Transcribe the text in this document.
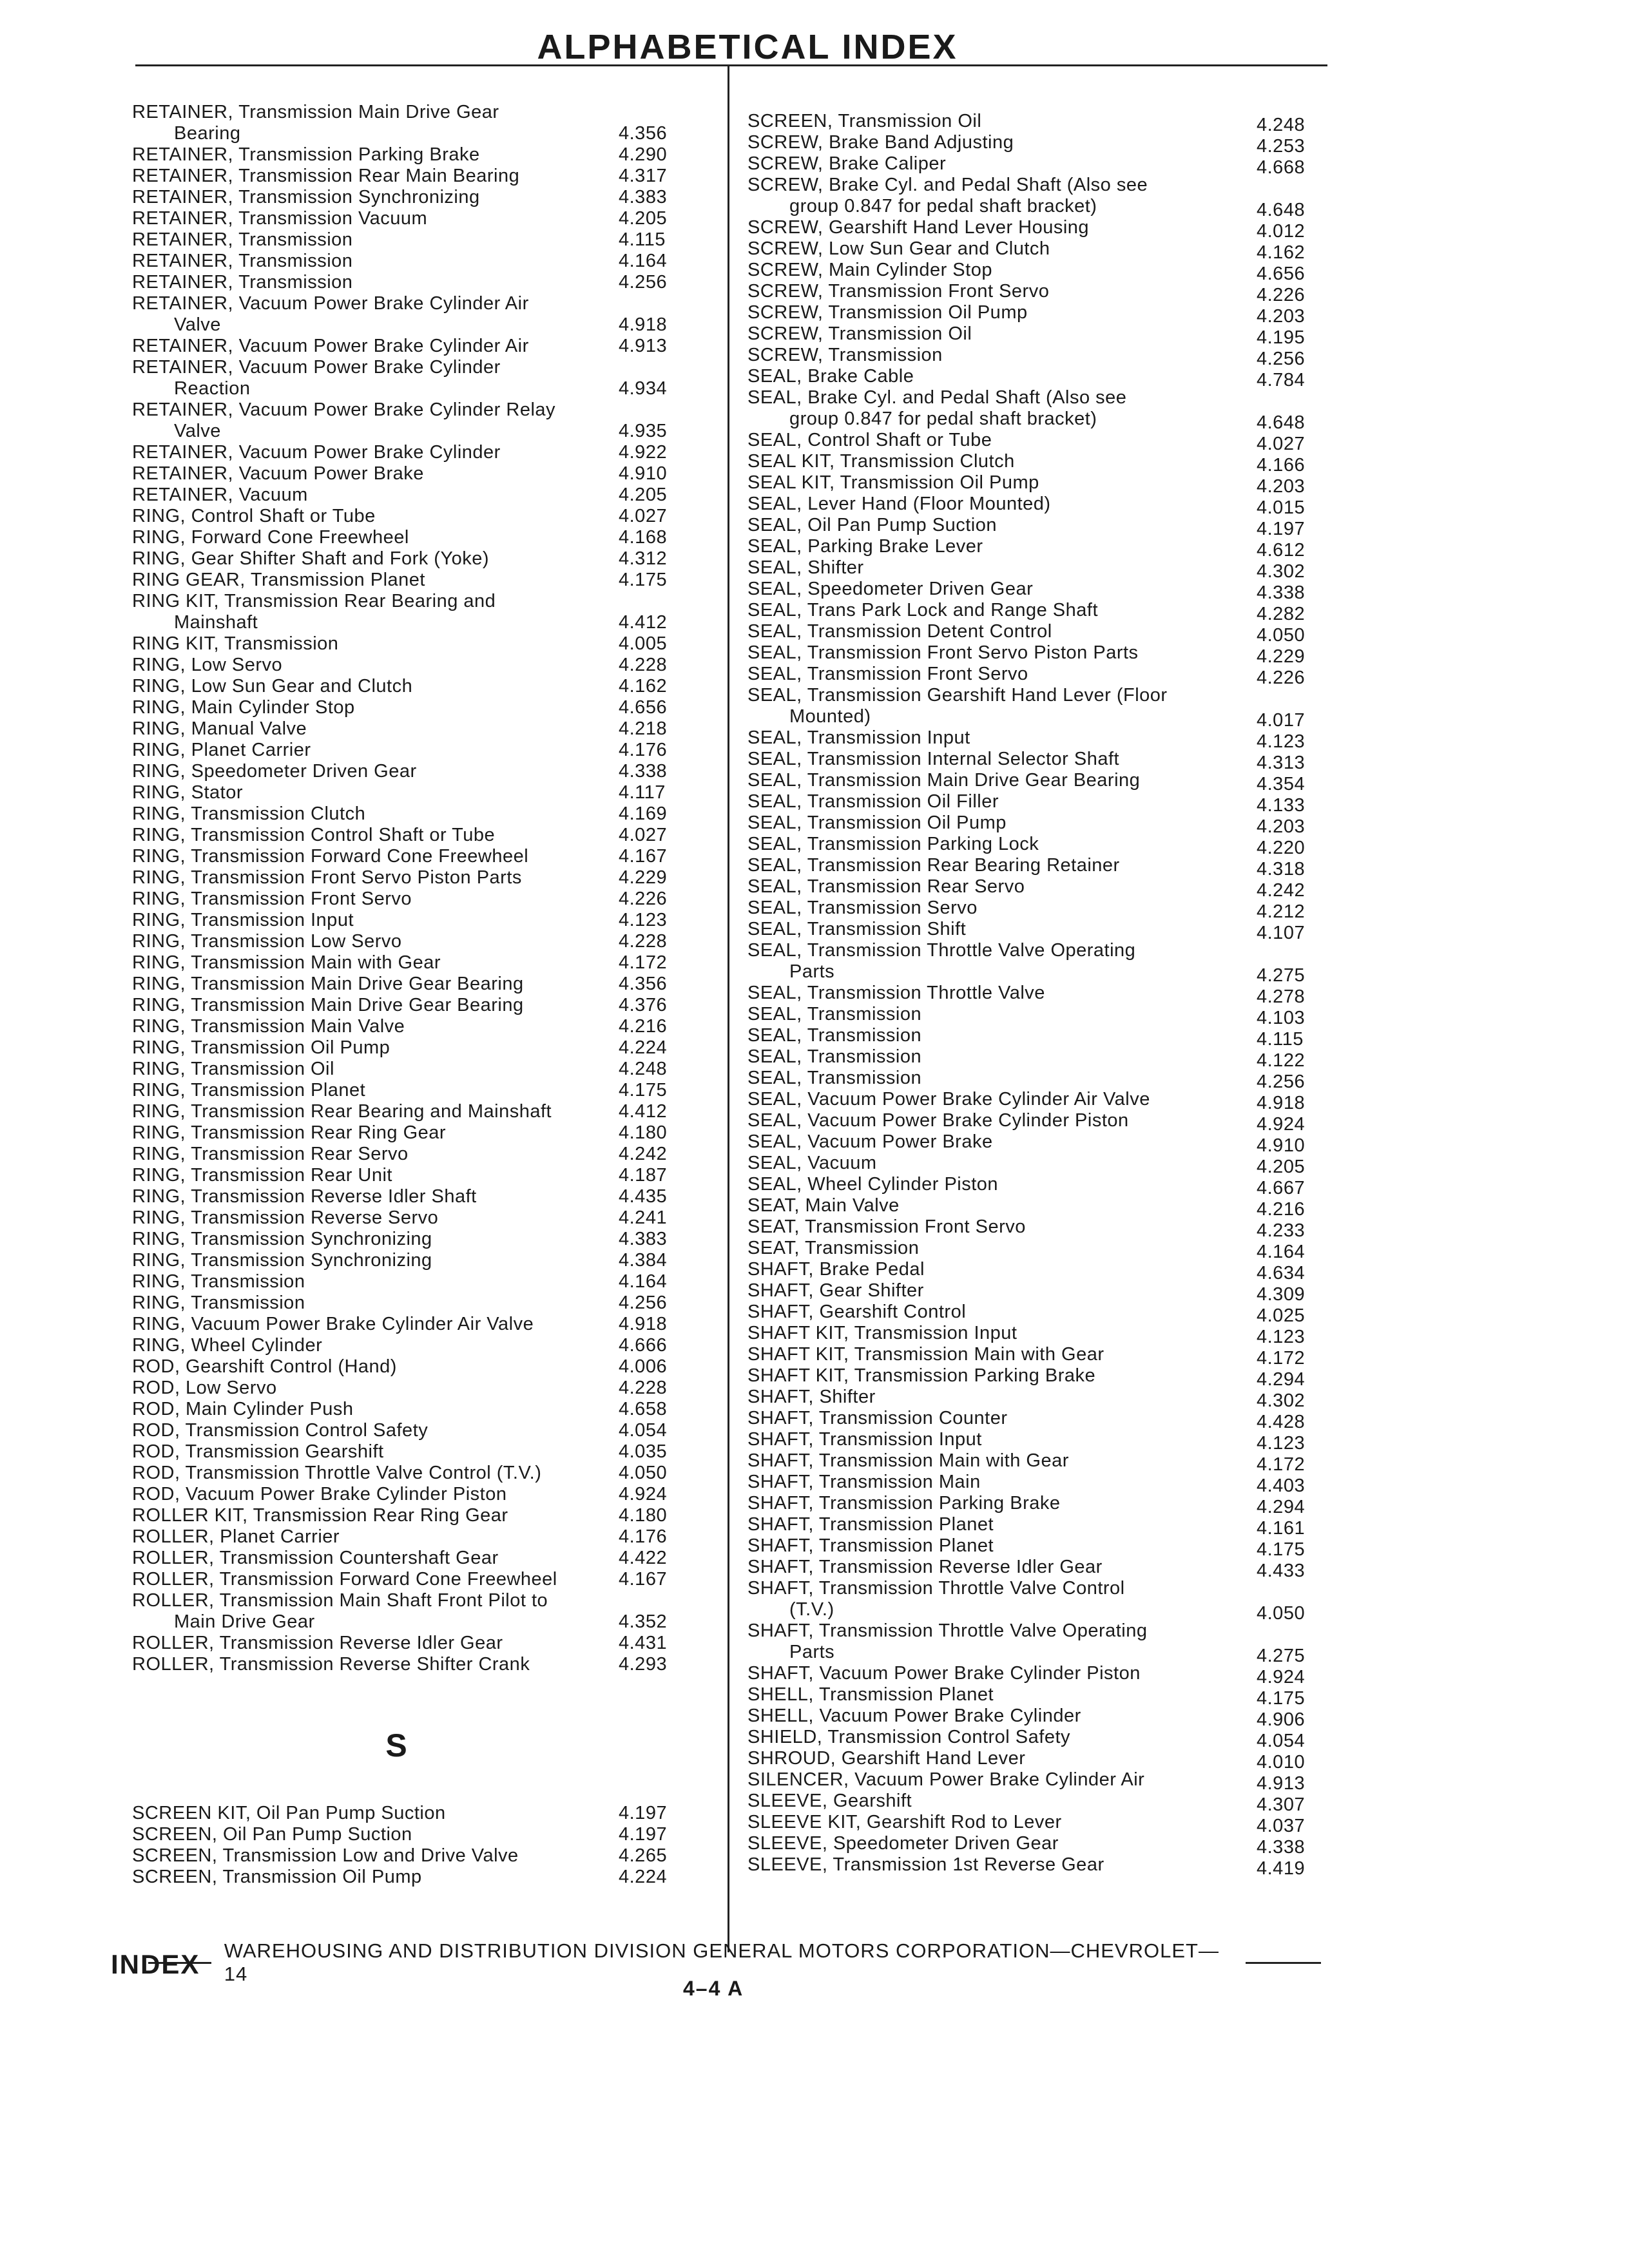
ALPHABETICAL INDEX
RETAINER, Transmission Main Drive Gear
Bearing	4.356
RETAINER, Transmission Parking Brake	4.290
RETAINER, Transmission Rear Main Bearing	4.317
RETAINER, Transmission Synchronizing	4.383
RETAINER, Transmission Vacuum	4.205
RETAINER, Transmission	4.115
RETAINER, Transmission	4.164
RETAINER, Transmission	4.256
RETAINER, Vacuum Power Brake Cylinder Air
Valve	4.918
RETAINER, Vacuum Power Brake Cylinder Air	4.913
RETAINER, Vacuum Power Brake Cylinder
Reaction	4.934
RETAINER, Vacuum Power Brake Cylinder Relay
Valve	4.935
RETAINER, Vacuum Power Brake Cylinder	4.922
RETAINER, Vacuum Power Brake	4.910
RETAINER, Vacuum	4.205
RING, Control Shaft or Tube	4.027
RING, Forward Cone Freewheel	4.168
RING, Gear Shifter Shaft and Fork (Yoke)	4.312
RING GEAR, Transmission Planet	4.175
RING KIT, Transmission Rear Bearing and
Mainshaft	4.412
RING KIT, Transmission	4.005
RING, Low Servo	4.228
RING, Low Sun Gear and Clutch	4.162
RING, Main Cylinder Stop	4.656
RING, Manual Valve	4.218
RING, Planet Carrier	4.176
RING, Speedometer Driven Gear	4.338
RING, Stator	4.117
RING, Transmission Clutch	4.169
RING, Transmission Control Shaft or Tube	4.027
RING, Transmission Forward Cone Freewheel	4.167
RING, Transmission Front Servo Piston Parts	4.229
RING, Transmission Front Servo	4.226
RING, Transmission Input	4.123
RING, Transmission Low Servo	4.228
RING, Transmission Main with Gear	4.172
RING, Transmission Main Drive Gear Bearing	4.356
RING, Transmission Main Drive Gear Bearing	4.376
RING, Transmission Main Valve	4.216
RING, Transmission Oil Pump	4.224
RING, Transmission Oil	4.248
RING, Transmission Planet	4.175
RING, Transmission Rear Bearing and Mainshaft	4.412
RING, Transmission Rear Ring Gear	4.180
RING, Transmission Rear Servo	4.242
RING, Transmission Rear Unit	4.187
RING, Transmission Reverse Idler Shaft	4.435
RING, Transmission Reverse Servo	4.241
RING, Transmission Synchronizing	4.383
RING, Transmission Synchronizing	4.384
RING, Transmission	4.164
RING, Transmission	4.256
RING, Vacuum Power Brake Cylinder Air Valve	4.918
RING, Wheel Cylinder	4.666
ROD, Gearshift Control (Hand)	4.006
ROD, Low Servo	4.228
ROD, Main Cylinder Push	4.658
ROD, Transmission Control Safety	4.054
ROD, Transmission Gearshift	4.035
ROD, Transmission Throttle Valve Control (T.V.)	4.050
ROD, Vacuum Power Brake Cylinder Piston	4.924
ROLLER KIT, Transmission Rear Ring Gear	4.180
ROLLER, Planet Carrier	4.176
ROLLER, Transmission Countershaft Gear	4.422
ROLLER, Transmission Forward Cone Freewheel	4.167
ROLLER, Transmission Main Shaft Front Pilot to
Main Drive Gear	4.352
ROLLER, Transmission Reverse Idler Gear	4.431
ROLLER, Transmission Reverse Shifter Crank	4.293
S
SCREEN KIT, Oil Pan Pump Suction	4.197
SCREEN, Oil Pan Pump Suction	4.197
SCREEN, Transmission Low and Drive Valve	4.265
SCREEN, Transmission Oil Pump	4.224
SCREEN, Transmission Oil	4.248
SCREW, Brake Band Adjusting	4.253
SCREW, Brake Caliper	4.668
SCREW, Brake Cyl. and Pedal Shaft (Also see
group 0.847 for pedal shaft bracket)	4.648
SCREW, Gearshift Hand Lever Housing	4.012
SCREW, Low Sun Gear and Clutch	4.162
SCREW, Main Cylinder Stop	4.656
SCREW, Transmission Front Servo	4.226
SCREW, Transmission Oil Pump	4.203
SCREW, Transmission Oil	4.195
SCREW, Transmission	4.256
SEAL, Brake Cable	4.784
SEAL, Brake Cyl. and Pedal Shaft (Also see
group 0.847 for pedal shaft bracket)	4.648
SEAL, Control Shaft or Tube	4.027
SEAL KIT, Transmission Clutch	4.166
SEAL KIT, Transmission Oil Pump	4.203
SEAL, Lever Hand (Floor Mounted)	4.015
SEAL, Oil Pan Pump Suction	4.197
SEAL, Parking Brake Lever	4.612
SEAL, Shifter	4.302
SEAL, Speedometer Driven Gear	4.338
SEAL, Trans Park Lock and Range Shaft	4.282
SEAL, Transmission Detent Control	4.050
SEAL, Transmission Front Servo Piston Parts	4.229
SEAL, Transmission Front Servo	4.226
SEAL, Transmission Gearshift Hand Lever (Floor
Mounted)	4.017
SEAL, Transmission Input	4.123
SEAL, Transmission Internal Selector Shaft	4.313
SEAL, Transmission Main Drive Gear Bearing	4.354
SEAL, Transmission Oil Filler	4.133
SEAL, Transmission Oil Pump	4.203
SEAL, Transmission Parking Lock	4.220
SEAL, Transmission Rear Bearing Retainer	4.318
SEAL, Transmission Rear Servo	4.242
SEAL, Transmission Servo	4.212
SEAL, Transmission Shift	4.107
SEAL, Transmission Throttle Valve Operating
Parts	4.275
SEAL, Transmission Throttle Valve	4.278
SEAL, Transmission	4.103
SEAL, Transmission	4.115
SEAL, Transmission	4.122
SEAL, Transmission	4.256
SEAL, Vacuum Power Brake Cylinder Air Valve	4.918
SEAL, Vacuum Power Brake Cylinder Piston	4.924
SEAL, Vacuum Power Brake	4.910
SEAL, Vacuum	4.205
SEAL, Wheel Cylinder Piston	4.667
SEAT, Main Valve	4.216
SEAT, Transmission Front Servo	4.233
SEAT, Transmission	4.164
SHAFT, Brake Pedal	4.634
SHAFT, Gear Shifter	4.309
SHAFT, Gearshift Control	4.025
SHAFT KIT, Transmission Input	4.123
SHAFT KIT, Transmission Main with Gear	4.172
SHAFT KIT, Transmission Parking Brake	4.294
SHAFT, Shifter	4.302
SHAFT, Transmission Counter	4.428
SHAFT, Transmission Input	4.123
SHAFT, Transmission Main with Gear	4.172
SHAFT, Transmission Main	4.403
SHAFT, Transmission Parking Brake	4.294
SHAFT, Transmission Planet	4.161
SHAFT, Transmission Planet	4.175
SHAFT, Transmission Reverse Idler Gear	4.433
SHAFT, Transmission Throttle Valve Control
(T.V.)	4.050
SHAFT, Transmission Throttle Valve Operating
Parts	4.275
SHAFT, Vacuum Power Brake Cylinder Piston	4.924
SHELL, Transmission Planet	4.175
SHELL, Vacuum Power Brake Cylinder	4.906
SHIELD, Transmission Control Safety	4.054
SHROUD, Gearshift Hand Lever	4.010
SILENCER, Vacuum Power Brake Cylinder Air	4.913
SLEEVE, Gearshift	4.307
SLEEVE KIT, Gearshift Rod to Lever	4.037
SLEEVE, Speedometer Driven Gear	4.338
SLEEVE, Transmission 1st Reverse Gear	4.419
WAREHOUSING AND DISTRIBUTION DIVISION GENERAL MOTORS CORPORATION—CHEVROLET—14
INDEX
4–4 A
